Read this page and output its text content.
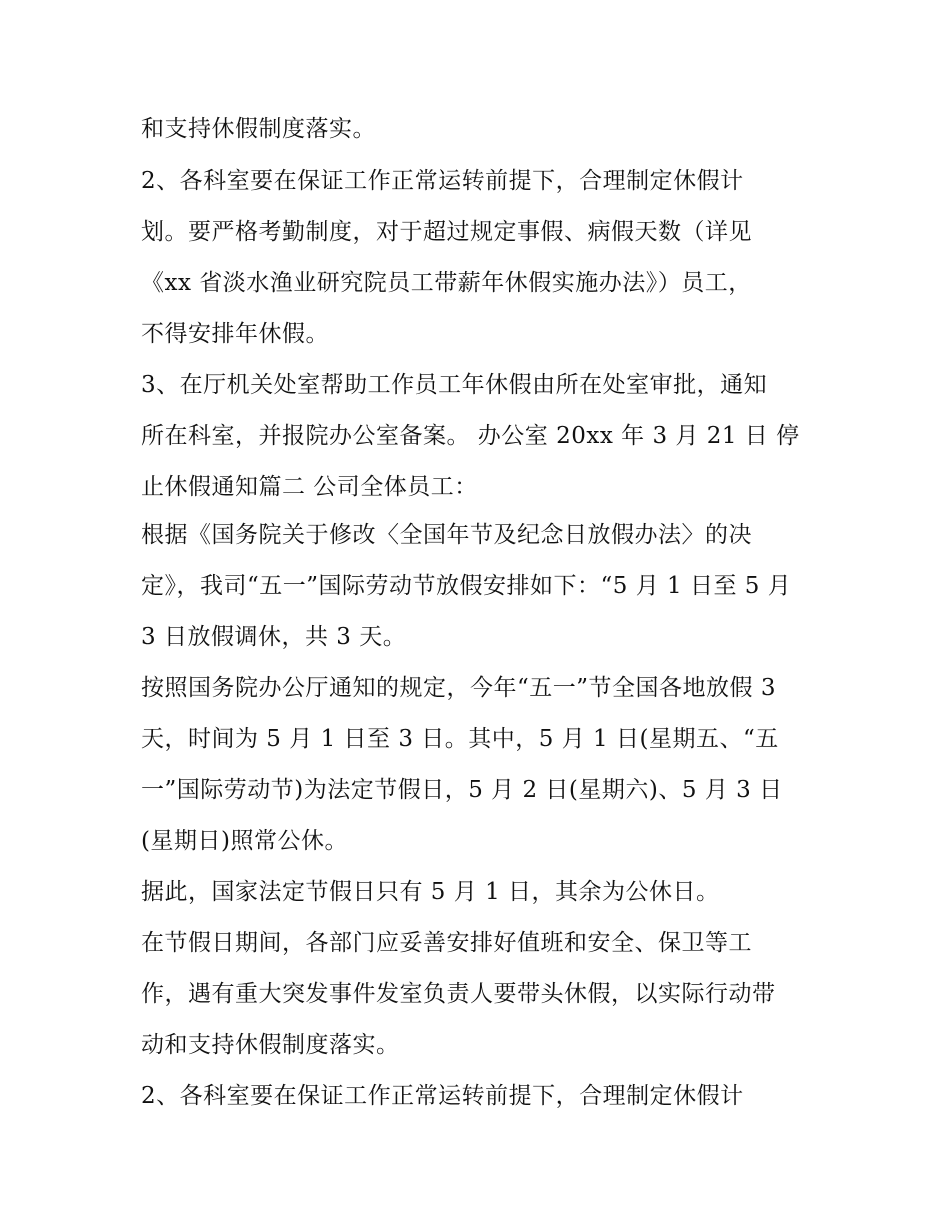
和支持休假制度落实。
2、各科室要在保证工作正常运转前提下，合理制定休假计
划。要严格考勤制度，对于超过规定事假、病假天数（详见
《xx 省淡水渔业研究院员工带薪年休假实施办法》）员工，
不得安排年休假。
3、在厅机关处室帮助工作员工年休假由所在处室审批，通知
所在科室，并报院办公室备案。 办公室 20xx 年 3 月 21 日 停
止休假通知篇二 公司全体员工：
根据《国务院关于修改〈全国年节及纪念日放假办法〉的决
定》，我司“五一”国际劳动节放假安排如下：“5 月 1 日至 5 月
3 日放假调休，共 3 天。
按照国务院办公厅通知的规定，今年“五一”节全国各地放假 3
天，时间为 5 月 1 日至 3 日。其中，5 月 1 日(星期五、“五
一”国际劳动节)为法定节假日，5 月 2 日(星期六)、5 月 3 日
(星期日)照常公休。
据此，国家法定节假日只有 5 月 1 日，其余为公休日。
在节假日期间，各部门应妥善安排好值班和安全、保卫等工
作，遇有重大突发事件发室负责人要带头休假，以实际行动带
动和支持休假制度落实。
2、各科室要在保证工作正常运转前提下，合理制定休假计
